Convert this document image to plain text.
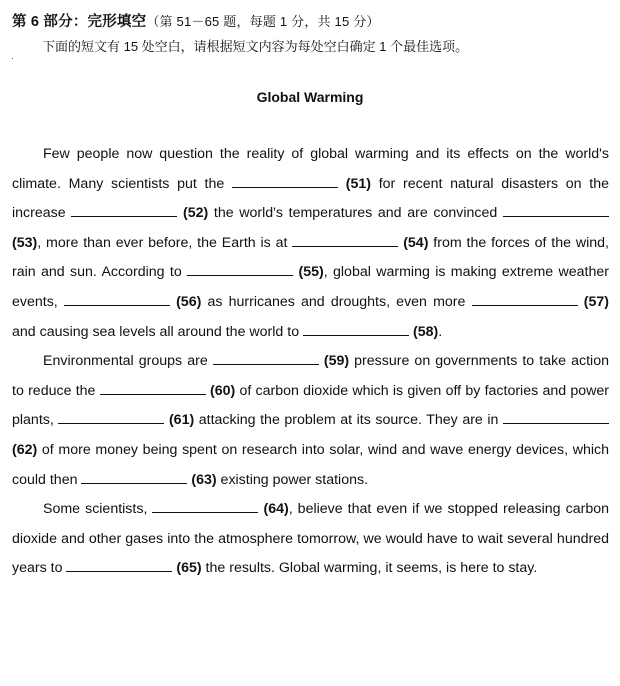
第 6 部分：完形填空（第 51－65 题，每题 1 分，共 15 分）
下面的短文有 15 处空白，请根据短文内容为每处空白确定 1 个最佳选项。
Global Warming

Few people now question the reality of global warming and its effects on the world's climate. Many scientists put the	(51) for recent natural disasters on the increase	(52) the world's temperatures and are convinced  (53), more than ever before, the Earth is at	(54) from the forces of the wind, rain and sun. According to	(55), global warming is making extreme weather events,	(56) as hurricanes and droughts, even more	(57) and causing sea levels all around the world to	(58).

Environmental groups are	(59) pressure on governments to take action to reduce the	(60) of carbon dioxide which is given off by factories and power plants,	(61) attacking the problem at its source. They are in  (62) of more money being spent on research into solar, wind and wave energy devices, which could then	(63) existing power stations.

Some scientists,	(64), believe that even if we stopped releasing carbon dioxide and other gases into the atmosphere tomorrow, we would have to wait several hundred years to	(65) the results. Global warming, it seems, is here to stay.
